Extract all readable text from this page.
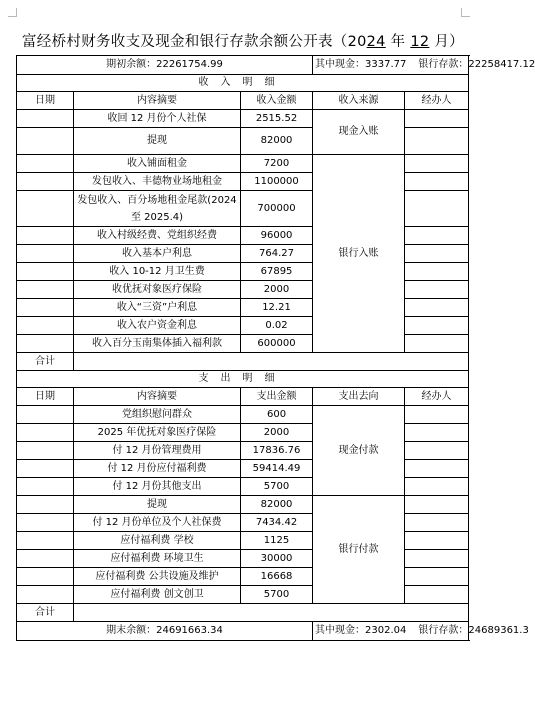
富经桥村财务收支及现金和银行存款余额公开表（2024 年 12 月）
期初余额：22261754.99			其中现金：3337.77 银行存款：22258417.12	
收入明细				
日期	内容摘要	收入金额	收入来源	经办人
	收回 12 月份个人社保	2515.52	现金入账	
	提现	82000		
	收入铺面租金	7200	银行入账	
	发包收入、丰德物业场地租金	1100000		
	发包收入、百分场地租金尾款(2024 至 2025.4)	700000		
	收入村级经费、党组织经费	96000		
	收入基本户利息	764.27		
	收入 10-12 月卫生费	67895		
	收优抚对象医疗保险	2000		
	收入“三资”户利息	12.21		
	收入农户资金利息	0.02		
	收入百分玉南集体插入福利款	600000		
合计				
支出明细				
日期	内容摘要	支出金额	支出去向	经办人
	党组织慰问群众	600	现金付款	
	2025 年优抚对象医疗保险	2000		
	付 12 月份管理费用	17836.76		
	付 12 月份应付福利费	59414.49		
	付 12 月份其他支出	5700		
	提现	82000	银行付款	
	付 12 月份单位及个人社保费	7434.42		
	应付福利费 学校	1125		
	应付福利费 环境卫生	30000		
	应付福利费 公共设施及维护	16668		
	应付福利费 创文创卫	5700		
合计				
期末余额：24691663.34			其中现金：2302.04 银行存款：24689361.3	
